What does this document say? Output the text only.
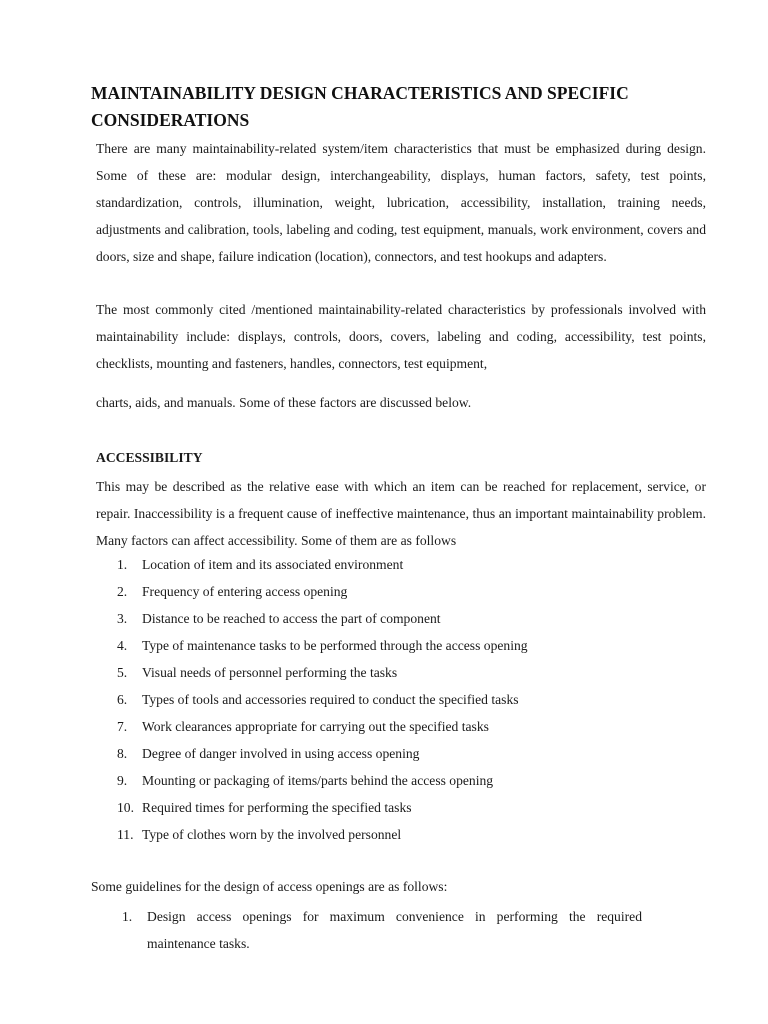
MAINTAINABILITY DESIGN CHARACTERISTICS AND SPECIFIC CONSIDERATIONS
There are many maintainability-related system/item characteristics that must be emphasized during design. Some of these are: modular design, interchangeability, displays, human factors, safety, test points, standardization, controls, illumination, weight, lubrication, accessibility, installation, training needs, adjustments and calibration, tools, labeling and coding, test equipment, manuals, work environment, covers and doors, size and shape, failure indication (location), connectors, and test hookups and adapters.
The most commonly cited /mentioned maintainability-related characteristics by professionals involved with maintainability include: displays, controls, doors, covers, labeling and coding, accessibility, test points, checklists, mounting and fasteners, handles, connectors, test equipment,
charts, aids, and manuals. Some of these factors are discussed below.
ACCESSIBILITY
This may be described as the relative ease with which an item can be reached for replacement, service, or repair. Inaccessibility is a frequent cause of ineffective maintenance, thus an important maintainability problem. Many factors can affect accessibility. Some of them are as follows
1. Location of item and its associated environment
2. Frequency of entering access opening
3. Distance to be reached to access the part of component
4. Type of maintenance tasks to be performed through the access opening
5. Visual needs of personnel performing the tasks
6. Types of tools and accessories required to conduct the specified tasks
7. Work clearances appropriate for carrying out the specified tasks
8. Degree of danger involved in using access opening
9. Mounting or packaging of items/parts behind the access opening
10. Required times for performing the specified tasks
11. Type of clothes worn by the involved personnel
Some guidelines for the design of access openings are as follows:
1. Design access openings for maximum convenience in performing the required maintenance tasks.
